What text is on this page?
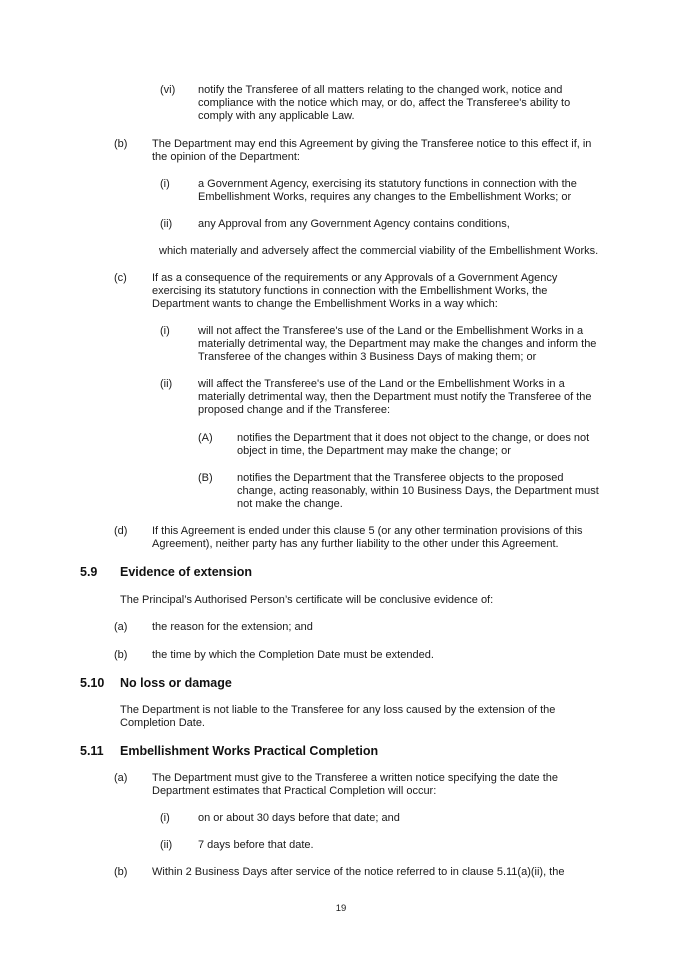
(vi) notify the Transferee of all matters relating to the changed work, notice and
compliance with the notice which may, or do, affect the Transferee's ability to
comply with any applicable Law.
(b) The Department may end this Agreement by giving the Transferee notice to this effect if, in
the opinion of the Department:
(i)	a Government Agency, exercising its statutory functions in connection with the
Embellishment Works, requires any changes to the Embellishment Works; or
(ii) any Approval from any Government Agency contains conditions,
which materially and adversely affect the commercial viability of the Embellishment Works.
(c) If as a consequence of the requirements or any Approvals of a Government Agency
exercising its statutory functions in connection with the Embellishment Works, the
Department wants to change the Embellishment Works in a way which:
(i)	will not affect the Transferee's use of the Land or the Embellishment Works in a
materially detrimental way, the Department may make the changes and inform the
Transferee of the changes within 3 Business Days of making them; or
(ii) will affect the Transferee's use of the Land or the Embellishment Works in a
materially detrimental way, then the Department must notify the Transferee of the
proposed change and if the Transferee:
(A) notifies the Department that it does not object to the change, or does not
object in time, the Department may make the change; or
(B) notifies the Department that the Transferee objects to the proposed
change, acting reasonably, within 10 Business Days, the Department must
not make the change.
(d) If this Agreement is ended under this clause 5 (or any other termination provisions of this
Agreement), neither party has any further liability to the other under this Agreement.
5.9 Evidence of extension
The Principal’s Authorised Person’s certificate will be conclusive evidence of:
(a) the reason for the extension; and
(b) the time by which the Completion Date must be extended.
5.10 No loss or damage
The Department is not liable to the Transferee for any loss caused by the extension of the
Completion Date.
5.11 Embellishment Works Practical Completion
(a) The Department must give to the Transferee a written notice specifying the date the
Department estimates that Practical Completion will occur:
(i)	on or about 30 days before that date; and
(ii) 7 days before that date.
(b) Within 2 Business Days after service of the notice referred to in clause 5.11(a)(ii), the
19
